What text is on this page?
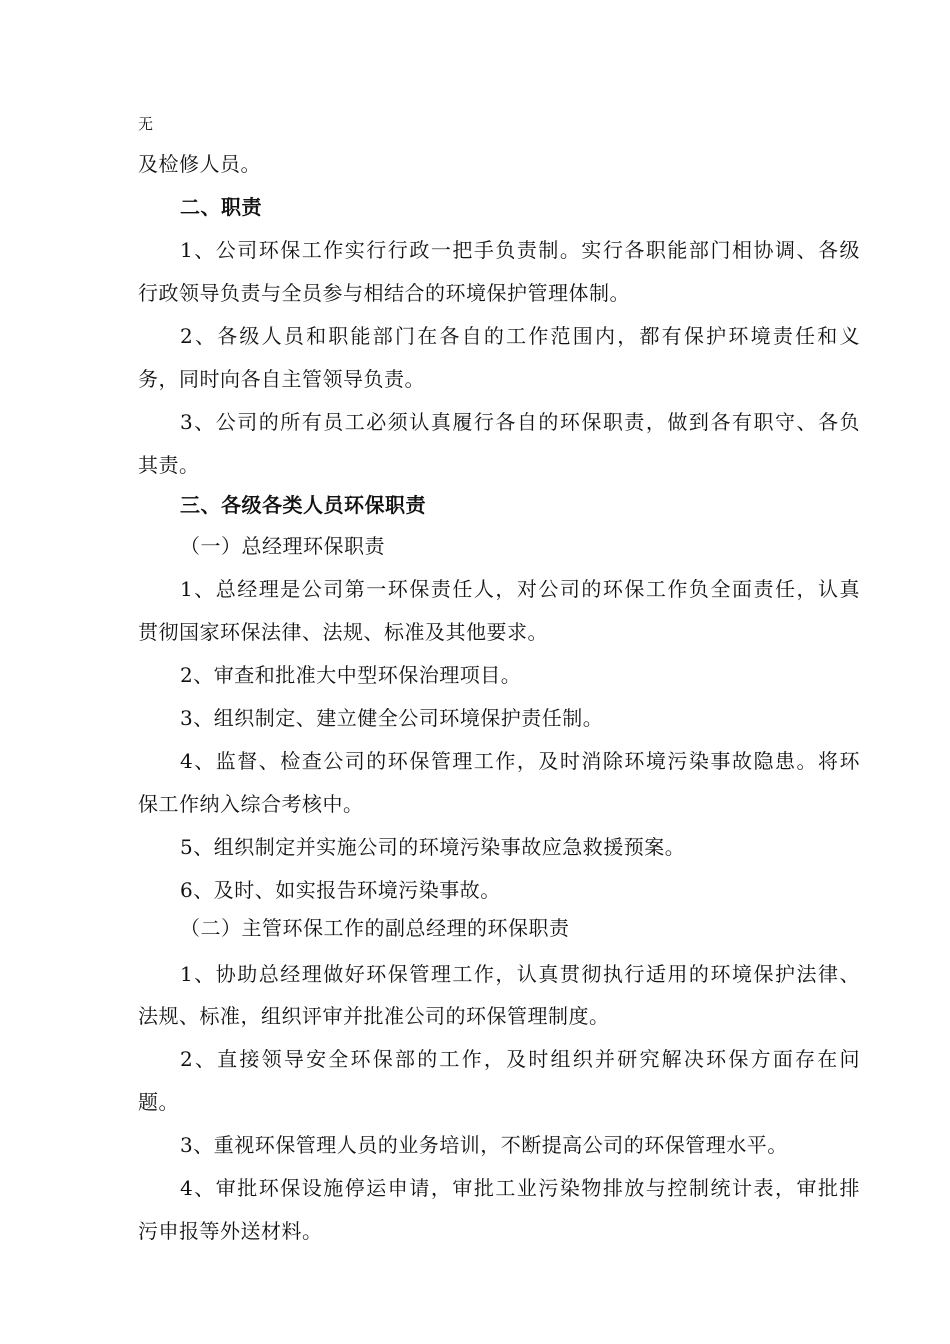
无
及检修人员。
二、职责
1、公司环保工作实行行政一把手负责制。实行各职能部门相协调、各级
行政领导负责与全员参与相结合的环境保护管理体制。
2、各级人员和职能部门在各自的工作范围内，都有保护环境责任和义
务，同时向各自主管领导负责。
3、公司的所有员工必须认真履行各自的环保职责，做到各有职守、各负
其责。
三、各级各类人员环保职责
（一）总经理环保职责
1、总经理是公司第一环保责任人，对公司的环保工作负全面责任，认真
贯彻国家环保法律、法规、标准及其他要求。
2、审查和批准大中型环保治理项目。
3、组织制定、建立健全公司环境保护责任制。
4、监督、检查公司的环保管理工作，及时消除环境污染事故隐患。将环
保工作纳入综合考核中。
5、组织制定并实施公司的环境污染事故应急救援预案。
6、及时、如实报告环境污染事故。
（二）主管环保工作的副总经理的环保职责
1、协助总经理做好环保管理工作，认真贯彻执行适用的环境保护法律、
法规、标准，组织评审并批准公司的环保管理制度。
2、直接领导安全环保部的工作，及时组织并研究解决环保方面存在问
题。
3、重视环保管理人员的业务培训，不断提高公司的环保管理水平。
4、审批环保设施停运申请，审批工业污染物排放与控制统计表，审批排
污申报等外送材料。
